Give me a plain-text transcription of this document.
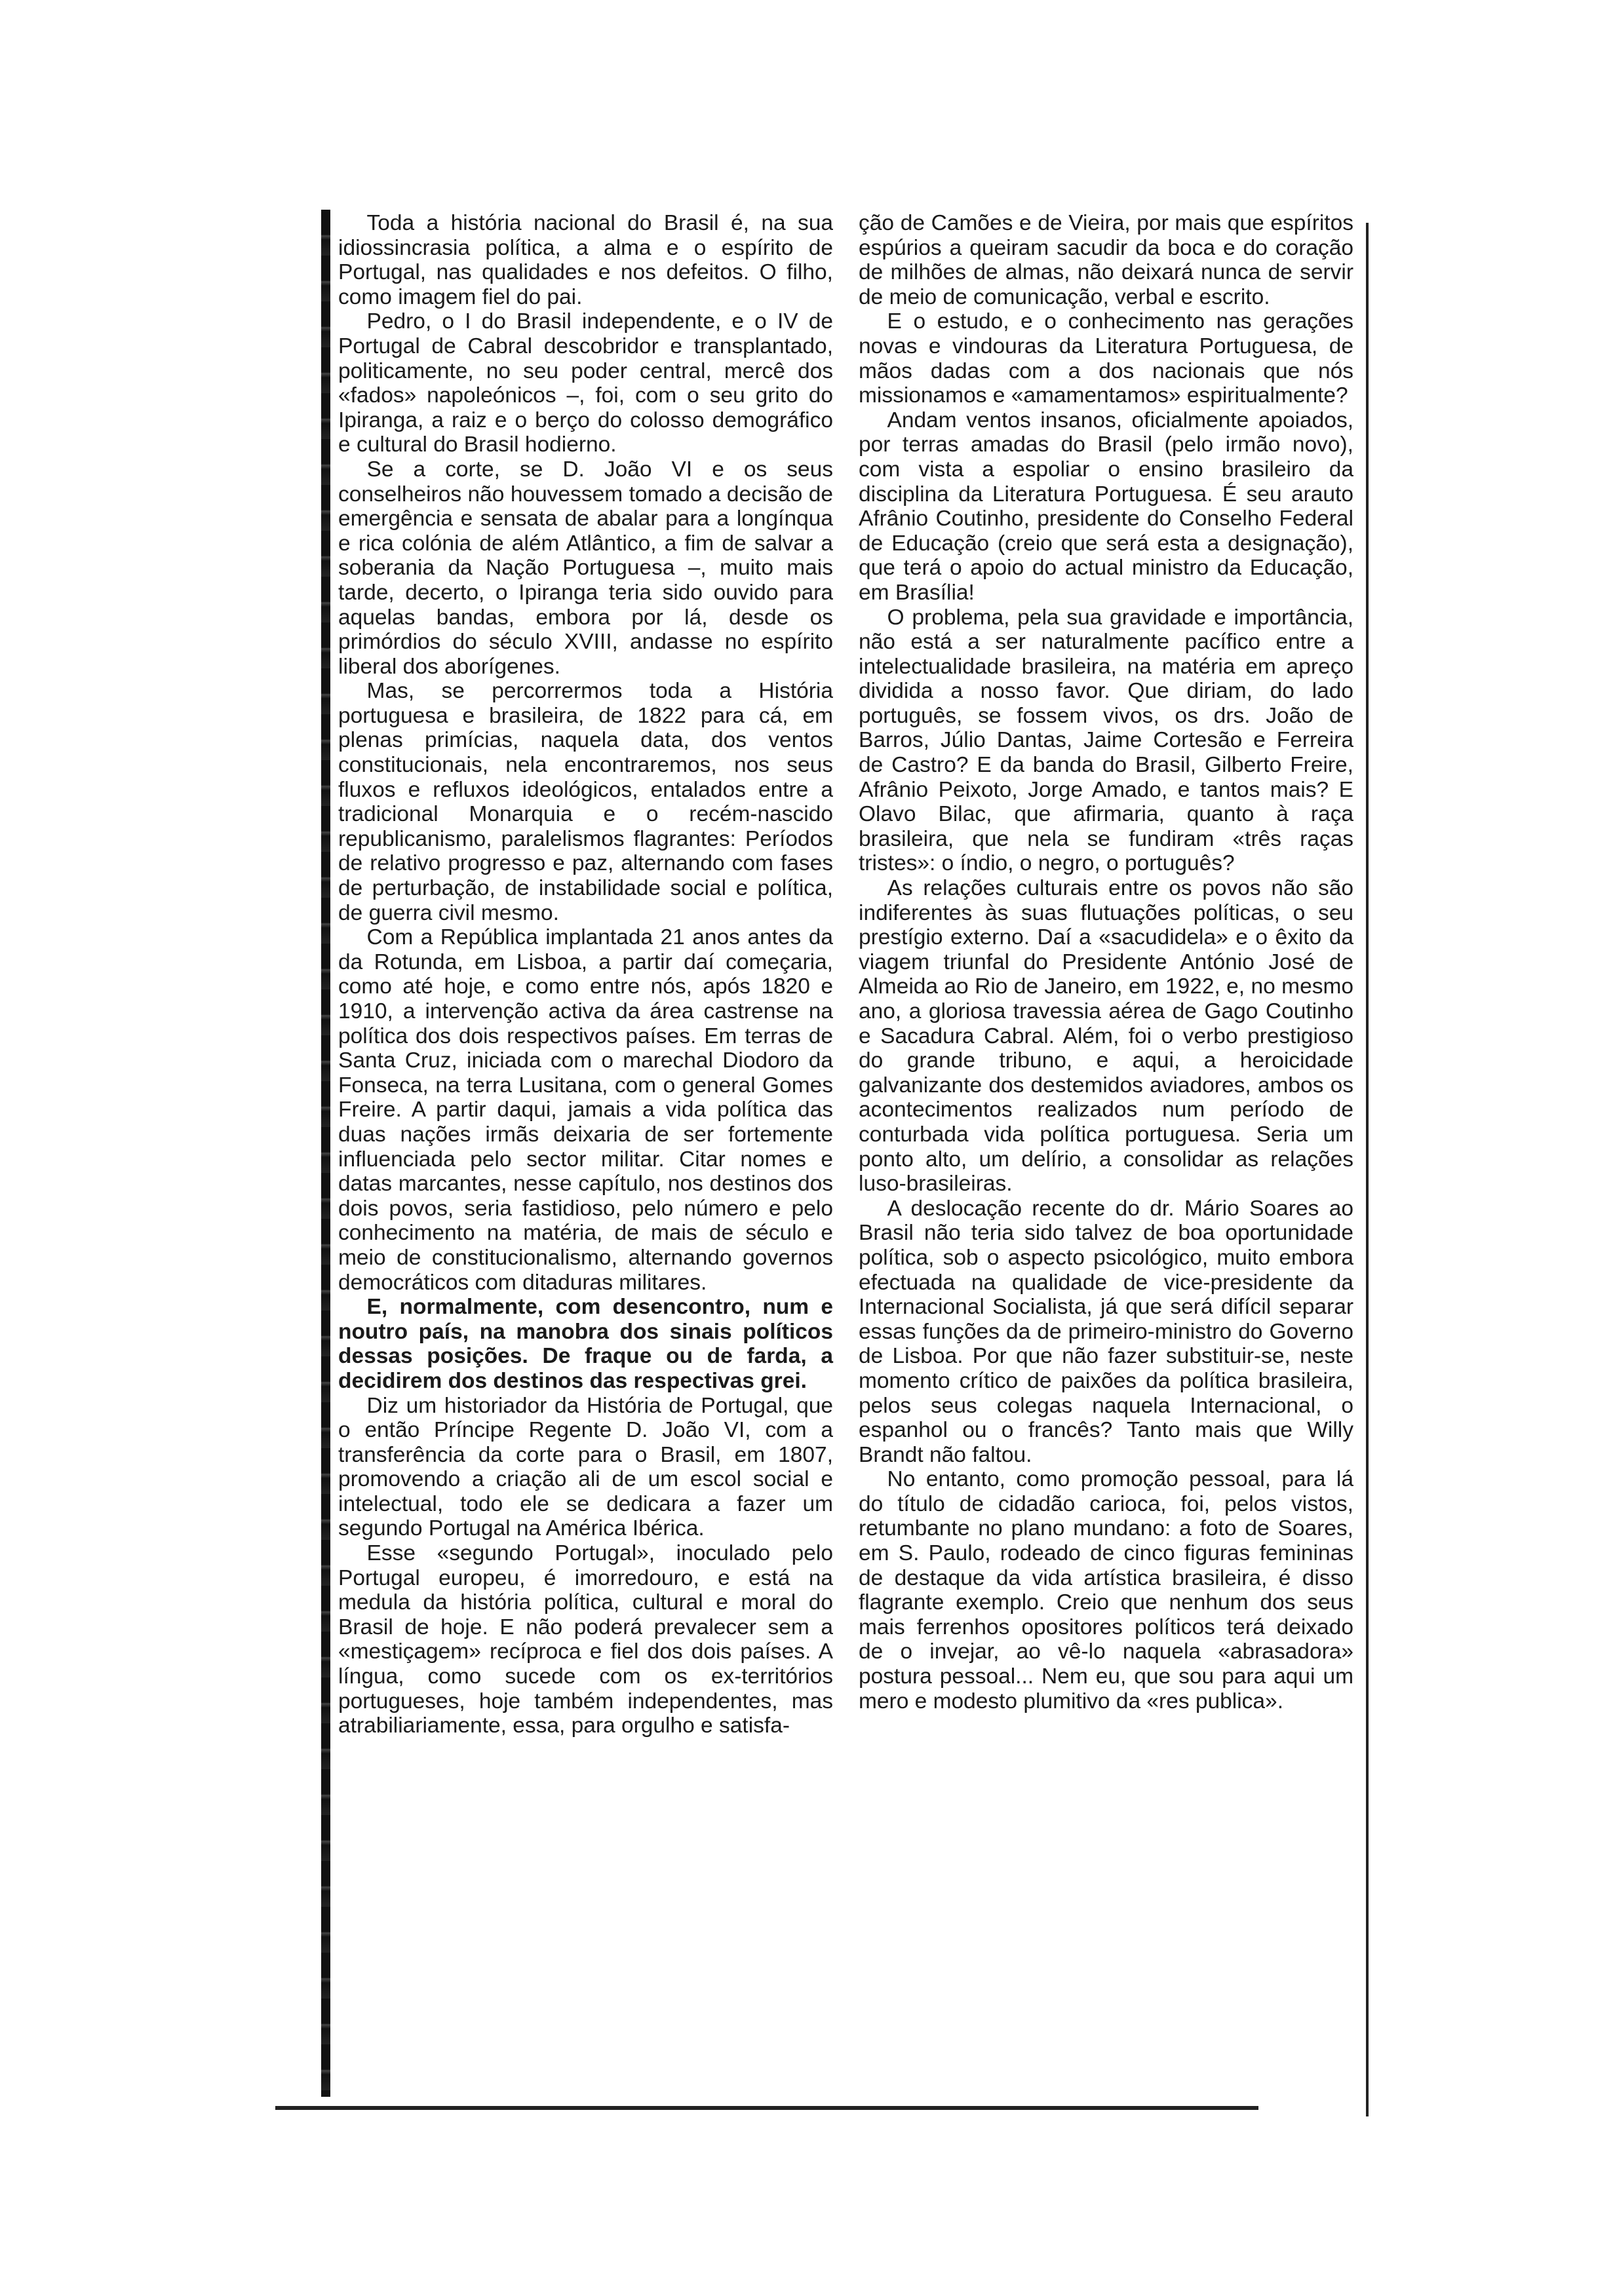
Toda a história nacional do Brasil é, na sua idiossincrasia política, a alma e o espírito de Portugal, nas qualidades e nos defeitos. O filho, como imagem fiel do pai.

Pedro, o I do Brasil independente, e o IV de Portugal de Cabral descobridor e transplantado, politicamente, no seu poder central, mercê dos «fados» napoleónicos –, foi, com o seu grito do Ipiranga, a raiz e o berço do colosso demográfico e cultural do Brasil hodierno.

Se a corte, se D. João VI e os seus conselheiros não houvessem tomado a decisão de emergência e sensata de abalar para a longínqua e rica colónia de além Atlântico, a fim de salvar a soberania da Nação Portuguesa –, muito mais tarde, decerto, o Ipiranga teria sido ouvido para aquelas bandas, embora por lá, desde os primórdios do século XVIII, andasse no espírito liberal dos aborígenes.

Mas, se percorrermos toda a História portuguesa e brasileira, de 1822 para cá, em plenas primícias, naquela data, dos ventos constitucionais, nela encontraremos, nos seus fluxos e refluxos ideológicos, entalados entre a tradicional Monarquia e o recém-nascido republicanismo, paralelismos flagrantes: Períodos de relativo progresso e paz, alternando com fases de perturbação, de instabilidade social e política, de guerra civil mesmo.

Com a República implantada 21 anos antes da da Rotunda, em Lisboa, a partir daí começaria, como até hoje, e como entre nós, após 1820 e 1910, a intervenção activa da área castrense na política dos dois respectivos países. Em terras de Santa Cruz, iniciada com o marechal Diodoro da Fonseca, na terra Lusitana, com o general Gomes Freire. A partir daqui, jamais a vida política das duas nações irmãs deixaria de ser fortemente influenciada pelo sector militar. Citar nomes e datas marcantes, nesse capítulo, nos destinos dos dois povos, seria fastidioso, pelo número e pelo conhecimento na matéria, de mais de século e meio de constitucionalismo, alternando governos democráticos com ditaduras militares.

E, normalmente, com desencontro, num e noutro país, na manobra dos sinais políticos dessas posições. De fraque ou de farda, a decidirem dos destinos das respectivas grei.

Diz um historiador da História de Portugal, que o então Príncipe Regente D. João VI, com a transferência da corte para o Brasil, em 1807, promovendo a criação ali de um escol social e intelectual, todo ele se dedicara a fazer um segundo Portugal na América Ibérica.

Esse «segundo Portugal», inoculado pelo Portugal europeu, é imorredouro, e está na medula da história política, cultural e moral do Brasil de hoje. E não poderá prevalecer sem a «mestiçagem» recíproca e fiel dos dois países. A língua, como sucede com os ex-territórios portugueses, hoje também independentes, mas atrabiliariamente, essa, para orgulho e satisfa-

ção de Camões e de Vieira, por mais que espíritos espúrios a queiram sacudir da boca e do coração de milhões de almas, não deixará nunca de servir de meio de comunicação, verbal e escrito.

E o estudo, e o conhecimento nas gerações novas e vindouras da Literatura Portuguesa, de mãos dadas com a dos nacionais que nós missionamos e «amamentamos» espiritualmente?

Andam ventos insanos, oficialmente apoiados, por terras amadas do Brasil (pelo irmão novo), com vista a espoliar o ensino brasileiro da disciplina da Literatura Portuguesa. É seu arauto Afrânio Coutinho, presidente do Conselho Federal de Educação (creio que será esta a designação), que terá o apoio do actual ministro da Educação, em Brasília!

O problema, pela sua gravidade e importância, não está a ser naturalmente pacífico entre a intelectualidade brasileira, na matéria em apreço dividida a nosso favor. Que diriam, do lado português, se fossem vivos, os drs. João de Barros, Júlio Dantas, Jaime Cortesão e Ferreira de Castro? E da banda do Brasil, Gilberto Freire, Afrânio Peixoto, Jorge Amado, e tantos mais? E Olavo Bilac, que afirmaria, quanto à raça brasileira, que nela se fundiram «três raças tristes»: o índio, o negro, o português?

As relações culturais entre os povos não são indiferentes às suas flutuações políticas, o seu prestígio externo. Daí a «sacudidela» e o êxito da viagem triunfal do Presidente António José de Almeida ao Rio de Janeiro, em 1922, e, no mesmo ano, a gloriosa travessia aérea de Gago Coutinho e Sacadura Cabral. Além, foi o verbo prestigioso do grande tribuno, e aqui, a heroicidade galvanizante dos destemidos aviadores, ambos os acontecimentos realizados num período de conturbada vida política portuguesa. Seria um ponto alto, um delírio, a consolidar as relações luso-brasileiras.

A deslocação recente do dr. Mário Soares ao Brasil não teria sido talvez de boa oportunidade política, sob o aspecto psicológico, muito embora efectuada na qualidade de vice-presidente da Internacional Socialista, já que será difícil separar essas funções da de primeiro-ministro do Governo de Lisboa. Por que não fazer substituir-se, neste momento crítico de paixões da política brasileira, pelos seus colegas naquela Internacional, o espanhol ou o francês? Tanto mais que Willy Brandt não faltou.

No entanto, como promoção pessoal, para lá do título de cidadão carioca, foi, pelos vistos, retumbante no plano mundano: a foto de Soares, em S. Paulo, rodeado de cinco figuras femininas de destaque da vida artística brasileira, é disso flagrante exemplo. Creio que nenhum dos seus mais ferrenhos opositores políticos terá deixado de o invejar, ao vê-lo naquela «abrasadora» postura pessoal... Nem eu, que sou para aqui um mero e modesto plumitivo da «res publica».
